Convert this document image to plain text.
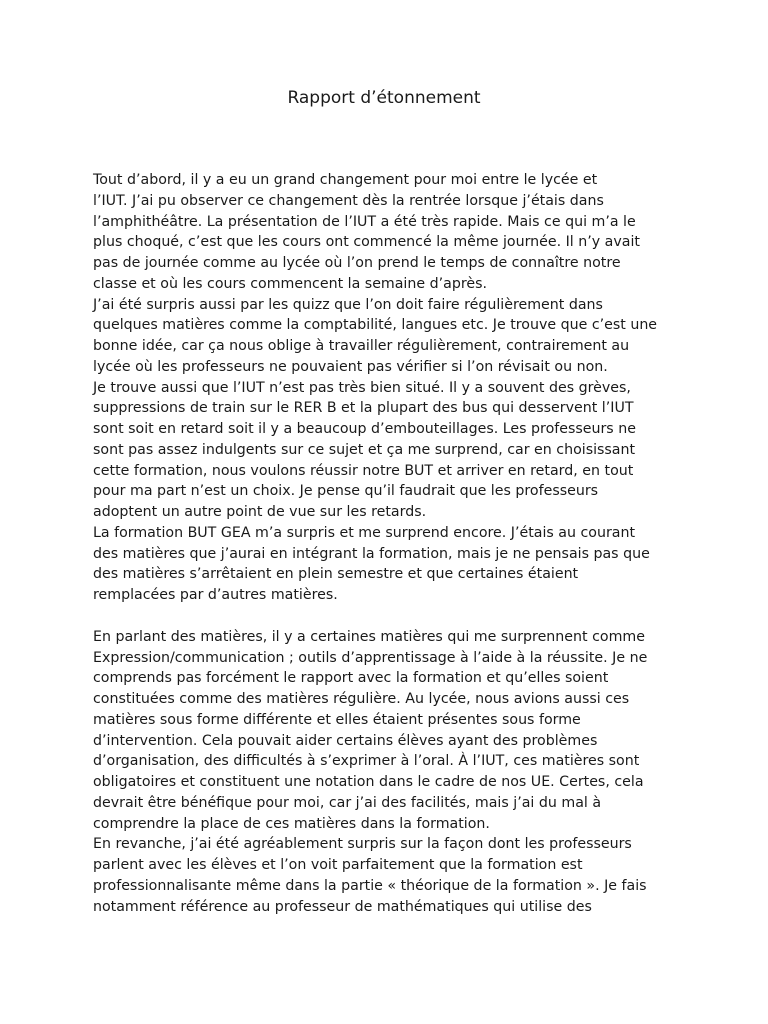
Rapport d’étonnement

Tout d’abord, il y a eu un grand changement pour moi entre le lycée et
l’IUT. J’ai pu observer ce changement dès la rentrée lorsque j’étais dans
l’amphithéâtre. La présentation de l’IUT a été très rapide. Mais ce qui m’a le
plus choqué, c’est que les cours ont commencé la même journée. Il n’y avait
pas de journée comme au lycée où l’on prend le temps de connaître notre
classe et où les cours commencent la semaine d’après.

J’ai été surpris aussi par les quizz que l’on doit faire régulièrement dans
quelques matières comme la comptabilité, langues etc. Je trouve que c’est une
bonne idée, car ça nous oblige à travailler régulièrement, contrairement au
lycée où les professeurs ne pouvaient pas vérifier si l’on révisait ou non.

Je trouve aussi que l’IUT n’est pas très bien situé. Il y a souvent des grèves,
suppressions de train sur le RER B et la plupart des bus qui desservent l’IUT
sont soit en retard soit il y a beaucoup d’embouteillages. Les professeurs ne
sont pas assez indulgents sur ce sujet et ça me surprend, car en choisissant
cette formation, nous voulons réussir notre BUT et arriver en retard, en tout
pour ma part n’est un choix. Je pense qu’il faudrait que les professeurs
adoptent un autre point de vue sur les retards.

La formation BUT GEA m’a surpris et me surprend encore. J’étais au courant
des matières que j’aurai en intégrant la formation, mais je ne pensais pas que
des matières s’arrêtaient en plein semestre et que certaines étaient
remplacées par d’autres matières.

En parlant des matières, il y a certaines matières qui me surprennent comme
Expression/communication ; outils d’apprentissage à l’aide à la réussite. Je ne
comprends pas forcément le rapport avec la formation et qu’elles soient
constituées comme des matières régulière. Au lycée, nous avions aussi ces
matières sous forme différente et elles étaient présentes sous forme
d’intervention. Cela pouvait aider certains élèves ayant des problèmes
d’organisation, des difficultés à s’exprimer à l’oral. À l’IUT, ces matières sont
obligatoires et constituent une notation dans le cadre de nos UE. Certes, cela
devrait être bénéfique pour moi, car j’ai des facilités, mais j’ai du mal à
comprendre la place de ces matières dans la formation.

En revanche, j’ai été agréablement surpris sur la façon dont les professeurs
parlent avec les élèves et l’on voit parfaitement que la formation est
professionnalisante même dans la partie « théorique de la formation ». Je fais
notamment référence au professeur de mathématiques qui utilise des
